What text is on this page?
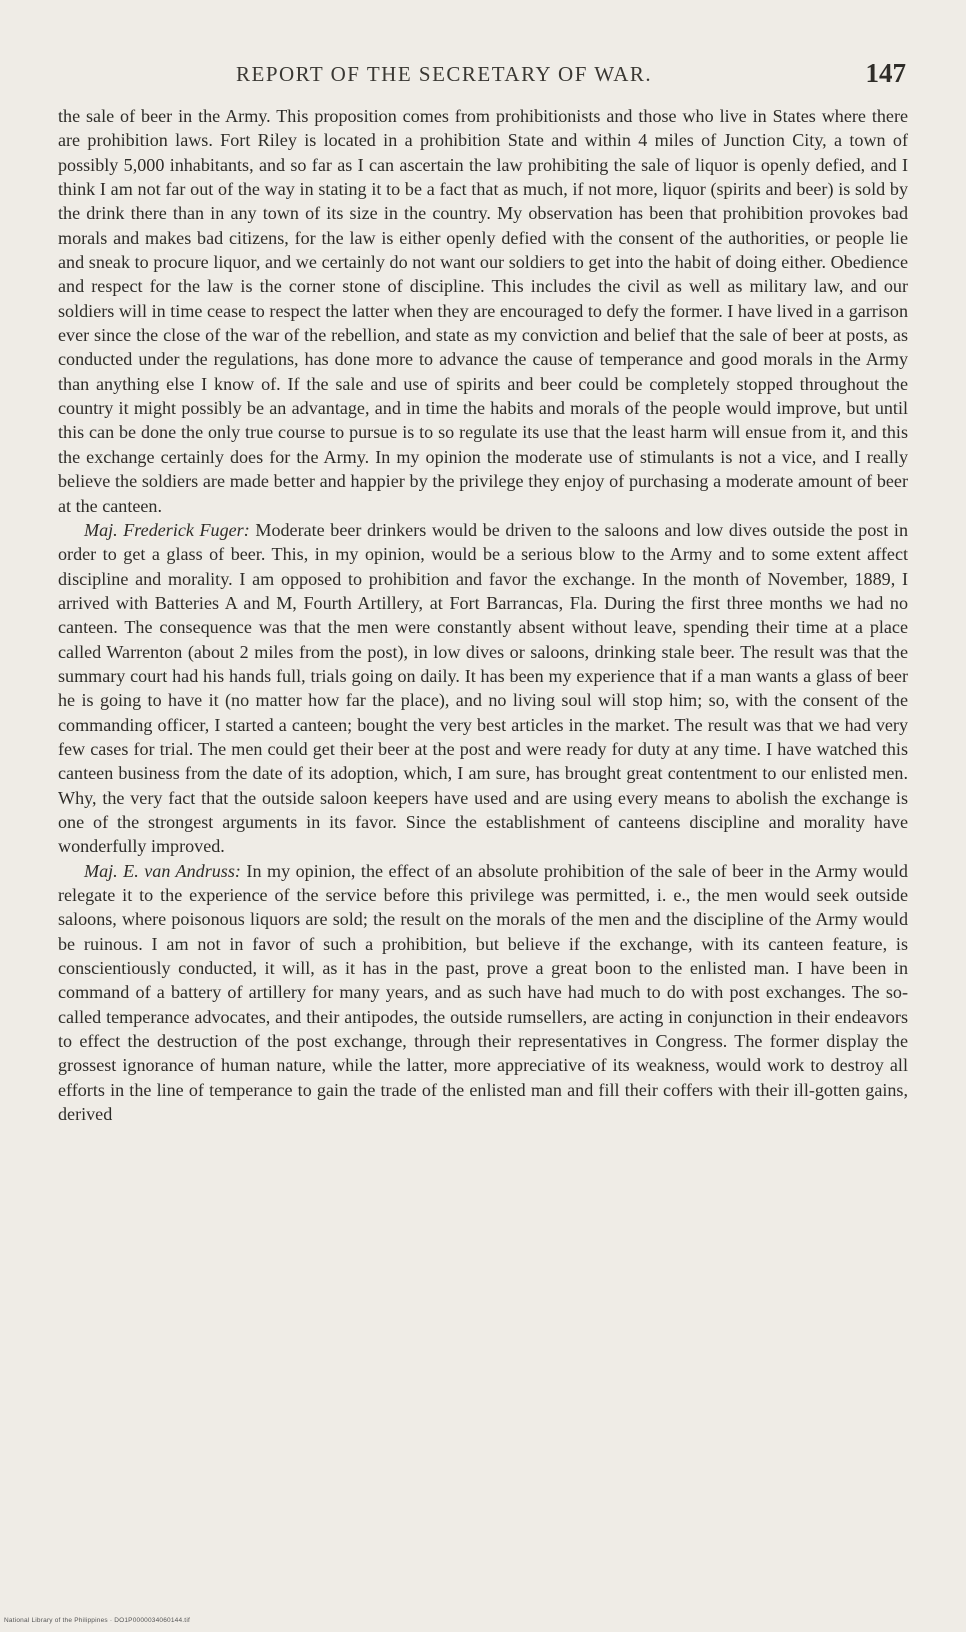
REPORT OF THE SECRETARY OF WAR.	147

the sale of beer in the Army. This proposition comes from prohibitionists and those who live in States where there are prohibition laws. Fort Riley is located in a prohibition State and within 4 miles of Junction City, a town of possibly 5,000 inhabitants, and so far as I can ascertain the law prohibiting the sale of liquor is openly defied, and I think I am not far out of the way in stating it to be a fact that as much, if not more, liquor (spirits and beer) is sold by the drink there than in any town of its size in the country. My observation has been that prohibition provokes bad morals and makes bad citizens, for the law is either openly defied with the consent of the authorities, or people lie and sneak to procure liquor, and we certainly do not want our soldiers to get into the habit of doing either. Obedience and respect for the law is the corner stone of discipline. This includes the civil as well as military law, and our soldiers will in time cease to respect the latter when they are encouraged to defy the former. I have lived in a garrison ever since the close of the war of the rebellion, and state as my conviction and belief that the sale of beer at posts, as conducted under the regulations, has done more to advance the cause of temperance and good morals in the Army than anything else I know of. If the sale and use of spirits and beer could be completely stopped throughout the country it might possibly be an advantage, and in time the habits and morals of the people would improve, but until this can be done the only true course to pursue is to so regulate its use that the least harm will ensue from it, and this the exchange certainly does for the Army. In my opinion the moderate use of stimulants is not a vice, and I really believe the soldiers are made better and happier by the privilege they enjoy of purchasing a moderate amount of beer at the canteen.

Maj. Frederick Fuger: Moderate beer drinkers would be driven to the saloons and low dives outside the post in order to get a glass of beer. This, in my opinion, would be a serious blow to the Army and to some extent affect discipline and morality. I am opposed to prohibition and favor the exchange. In the month of November, 1889, I arrived with Batteries A and M, Fourth Artillery, at Fort Barrancas, Fla. During the first three months we had no canteen. The consequence was that the men were constantly absent without leave, spending their time at a place called Warrenton (about 2 miles from the post), in low dives or saloons, drinking stale beer. The result was that the summary court had his hands full, trials going on daily. It has been my experience that if a man wants a glass of beer he is going to have it (no matter how far the place), and no living soul will stop him; so, with the consent of the commanding officer, I started a canteen; bought the very best articles in the market. The result was that we had very few cases for trial. The men could get their beer at the post and were ready for duty at any time. I have watched this canteen business from the date of its adoption, which, I am sure, has brought great contentment to our enlisted men. Why, the very fact that the outside saloon keepers have used and are using every means to abolish the exchange is one of the strongest arguments in its favor. Since the establishment of canteens discipline and morality have wonderfully improved.

Maj. E. van Andruss: In my opinion, the effect of an absolute prohibition of the sale of beer in the Army would relegate it to the experience of the service before this privilege was permitted, i. e., the men would seek outside saloons, where poisonous liquors are sold; the result on the morals of the men and the discipline of the Army would be ruinous. I am not in favor of such a prohibition, but believe if the exchange, with its canteen feature, is conscientiously conducted, it will, as it has in the past, prove a great boon to the enlisted man. I have been in command of a battery of artillery for many years, and as such have had much to do with post exchanges. The so-called temperance advocates, and their antipodes, the outside rumsellers, are acting in conjunction in their endeavors to effect the destruction of the post exchange, through their representatives in Congress. The former display the grossest ignorance of human nature, while the latter, more appreciative of its weakness, would work to destroy all efforts in the line of temperance to gain the trade of the enlisted man and fill their coffers with their ill-gotten gains, derived

National Library of the Philippines · DO1P0000034060144.tif
